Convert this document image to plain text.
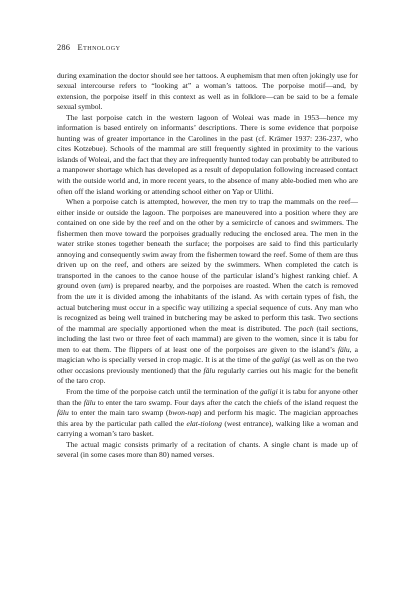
286 Ethnology

during examination the doctor should see her tattoos. A euphemism that men often jokingly use for sexual intercourse refers to “looking at” a woman’s tattoos. The porpoise motif—and, by extension, the porpoise itself in this context as well as in folklore—can be said to be a female sexual symbol.

The last porpoise catch in the western lagoon of Woleai was made in 1953—hence my information is based entirely on informants’ descriptions. There is some evidence that porpoise hunting was of greater importance in the Carolines in the past (cf. Krämer 1937: 236-237, who cites Kotzebue). Schools of the mammal are still frequently sighted in proximity to the various islands of Woleai, and the fact that they are infrequently hunted today can probably be attributed to a manpower shortage which has developed as a result of depopulation following increased contact with the outside world and, in more recent years, to the absence of many able-bodied men who are often off the island working or attending school either on Yap or Ulithi.

When a porpoise catch is attempted, however, the men try to trap the mammals on the reef—either inside or outside the lagoon. The porpoises are maneuvered into a position where they are contained on one side by the reef and on the other by a semicircle of canoes and swimmers. The fishermen then move toward the porpoises gradually reducing the enclosed area. The men in the water strike stones together beneath the surface; the porpoises are said to find this particularly annoying and consequently swim away from the fishermen toward the reef. Some of them are thus driven up on the reef, and others are seized by the swimmers. When completed the catch is transported in the canoes to the canoe house of the particular island’s highest ranking chief. A ground oven (um) is prepared nearby, and the porpoises are roasted. When the catch is removed from the um it is divided among the inhabitants of the island. As with certain types of fish, the actual butchering must occur in a specific way utilizing a special sequence of cuts. Any man who is recognized as being well trained in butchering may be asked to perform this task. Two sections of the mammal are specially apportioned when the meat is distributed. The pach (tail sections, including the last two or three feet of each mammal) are given to the women, since it is tabu for men to eat them. The flippers of at least one of the porpoises are given to the island’s fälu, a magician who is specially versed in crop magic. It is at the time of the galigi (as well as on the two other occasions previously mentioned) that the fälu regularly carries out his magic for the benefit of the taro crop.

From the time of the porpoise catch until the termination of the galigi it is tabu for anyone other than the fälu to enter the taro swamp. Four days after the catch the chiefs of the island request the fälu to enter the main taro swamp (bwon-nap) and perform his magic. The magician approaches this area by the particular path called the elat-tiolong (west entrance), walking like a woman and carrying a woman’s taro basket.

The actual magic consists primarly of a recitation of chants. A single chant is made up of several (in some cases more than 80) named verses.
